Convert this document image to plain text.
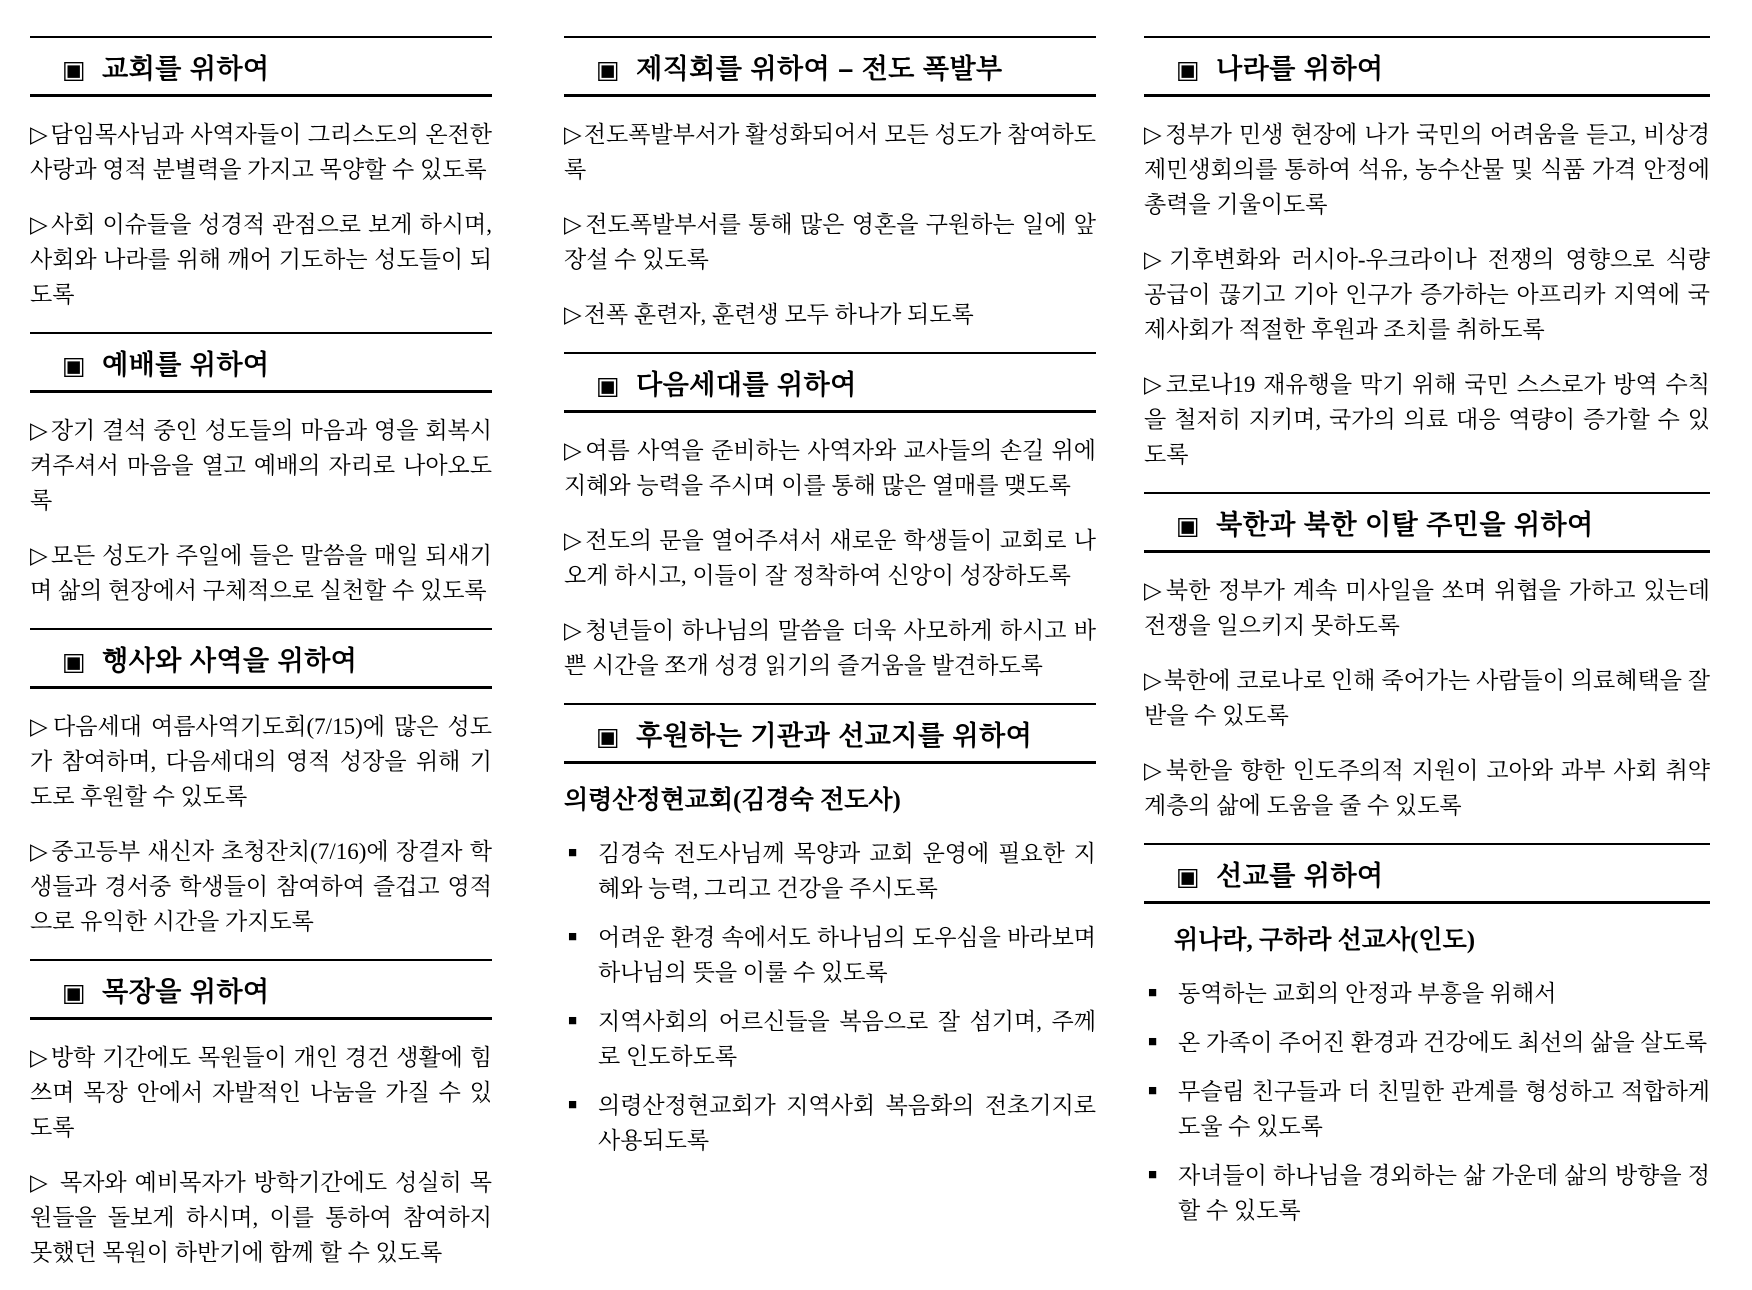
▣ 교회를 위하여

▷담임목사님과 사역자들이 그리스도의 온전한 사랑과 영적 분별력을 가지고 목양할 수 있도록

▷사회 이슈들을 성경적 관점으로 보게 하시며, 사회와 나라를 위해 깨어 기도하는 성도들이 되도록

▣ 예배를 위하여

▷장기 결석 중인 성도들의 마음과 영을 회복시켜주셔서 마음을 열고 예배의 자리로 나아오도록

▷모든 성도가 주일에 들은 말씀을 매일 되새기며 삶의 현장에서 구체적으로 실천할 수 있도록

▣ 행사와 사역을 위하여

▷다음세대 여름사역기도회(7/15)에 많은 성도가 참여하며, 다음세대의 영적 성장을 위해 기도로 후원할 수 있도록

▷중고등부 새신자 초청잔치(7/16)에 장결자 학생들과 경서중 학생들이 참여하여 즐겁고 영적으로 유익한 시간을 가지도록

▣ 목장을 위하여

▷방학 기간에도 목원들이 개인 경건 생활에 힘쓰며 목장 안에서 자발적인 나눔을 가질 수 있도록

▷ 목자와 예비목자가 방학기간에도 성실히 목원들을 돌보게 하시며, 이를 통하여 참여하지 못했던 목원이 하반기에 함께 할 수 있도록

▣ 제직회를 위하여 – 전도 폭발부

▷전도폭발부서가 활성화되어서 모든 성도가 참여하도록

▷전도폭발부서를 통해 많은 영혼을 구원하는 일에 앞장설 수 있도록

▷전폭 훈련자, 훈련생 모두 하나가 되도록

▣ 다음세대를 위하여

▷여름 사역을 준비하는 사역자와 교사들의 손길 위에 지혜와 능력을 주시며 이를 통해 많은 열매를 맺도록

▷전도의 문을 열어주셔서 새로운 학생들이 교회로 나오게 하시고, 이들이 잘 정착하여 신앙이 성장하도록

▷청년들이 하나님의 말씀을 더욱 사모하게 하시고 바쁜 시간을 쪼개 성경 읽기의 즐거움을 발견하도록

▣ 후원하는 기관과 선교지를 위하여
의령산정현교회(김경숙 전도사)
■ 김경숙 전도사님께 목양과 교회 운영에 필요한 지혜와 능력, 그리고 건강을 주시도록
■ 어려운 환경 속에서도 하나님의 도우심을 바라보며 하나님의 뜻을 이룰 수 있도록
■ 지역사회의 어르신들을 복음으로 잘 섬기며, 주께로 인도하도록
■ 의령산정현교회가 지역사회 복음화의 전초기지로 사용되도록
▣ 나라를 위하여

▷정부가 민생 현장에 나가 국민의 어려움을 듣고, 비상경제민생회의를 통하여 석유, 농수산물 및 식품 가격 안정에 총력을 기울이도록

▷기후변화와 러시아-우크라이나 전쟁의 영향으로 식량 공급이 끊기고 기아 인구가 증가하는 아프리카 지역에 국제사회가 적절한 후원과 조치를 취하도록

▷코로나19 재유행을 막기 위해 국민 스스로가 방역 수칙을 철저히 지키며, 국가의 의료 대응 역량이 증가할 수 있도록

▣ 북한과 북한 이탈 주민을 위하여

▷북한 정부가 계속 미사일을 쏘며 위협을 가하고 있는데 전쟁을 일으키지 못하도록

▷북한에 코로나로 인해 죽어가는 사람들이 의료혜택을 잘 받을 수 있도록

▷북한을 향한 인도주의적 지원이 고아와 과부 사회 취약계층의 삶에 도움을 줄 수 있도록

▣ 선교를 위하여
위나라, 구하라 선교사(인도)
■ 동역하는 교회의 안정과 부흥을 위해서
■ 온 가족이 주어진 환경과 건강에도 최선의 삶을 살도록
■ 무슬림 친구들과 더 친밀한 관계를 형성하고 적합하게 도울 수 있도록
■ 자녀들이 하나님을 경외하는 삶 가운데 삶의 방향을 정할 수 있도록
